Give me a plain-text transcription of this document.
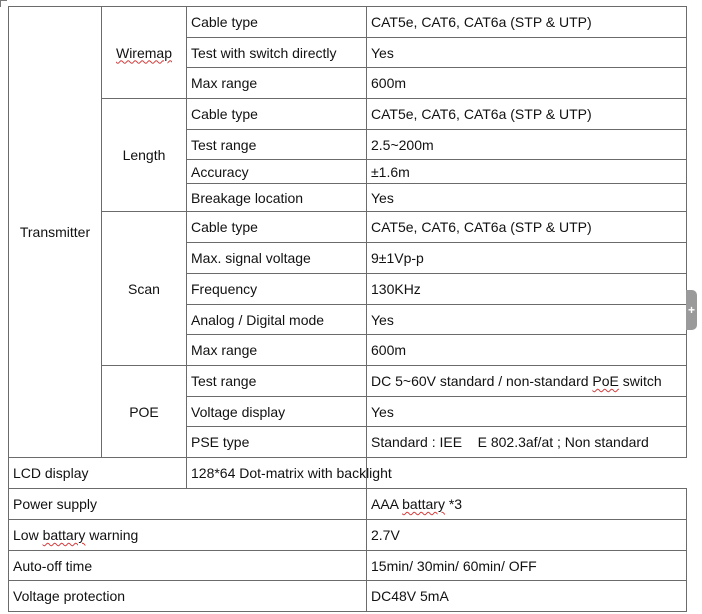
Transmitter	Wiremap	Cable type	CAT5e, CAT6, CAT6a (STP & UTP)
		Test with switch directly	Yes
		Max range	600m
	Length	Cable type	CAT5e, CAT6, CAT6a (STP & UTP)
		Test range	2.5~200m
		Accuracy	±1.6m
		Breakage location	Yes
	Scan	Cable type	CAT5e, CAT6, CAT6a (STP & UTP)
		Max. signal voltage	9±1Vp-p
		Frequency	130KHz
		Analog / Digital mode	Yes
		Max range	600m
	POE	Test range	DC 5~60V standard / non-standard PoE switch
		Voltage display	Yes
		PSE type	Standard : IEE    E 802.3af/at ; Non standard
LCD display		128*64 Dot-matrix with backlight	
Power supply			AAA battary *3
Low battary warning			2.7V
Auto-off time			15min/ 30min/ 60min/ OFF
Voltage protection			DC48V 5mA
+
